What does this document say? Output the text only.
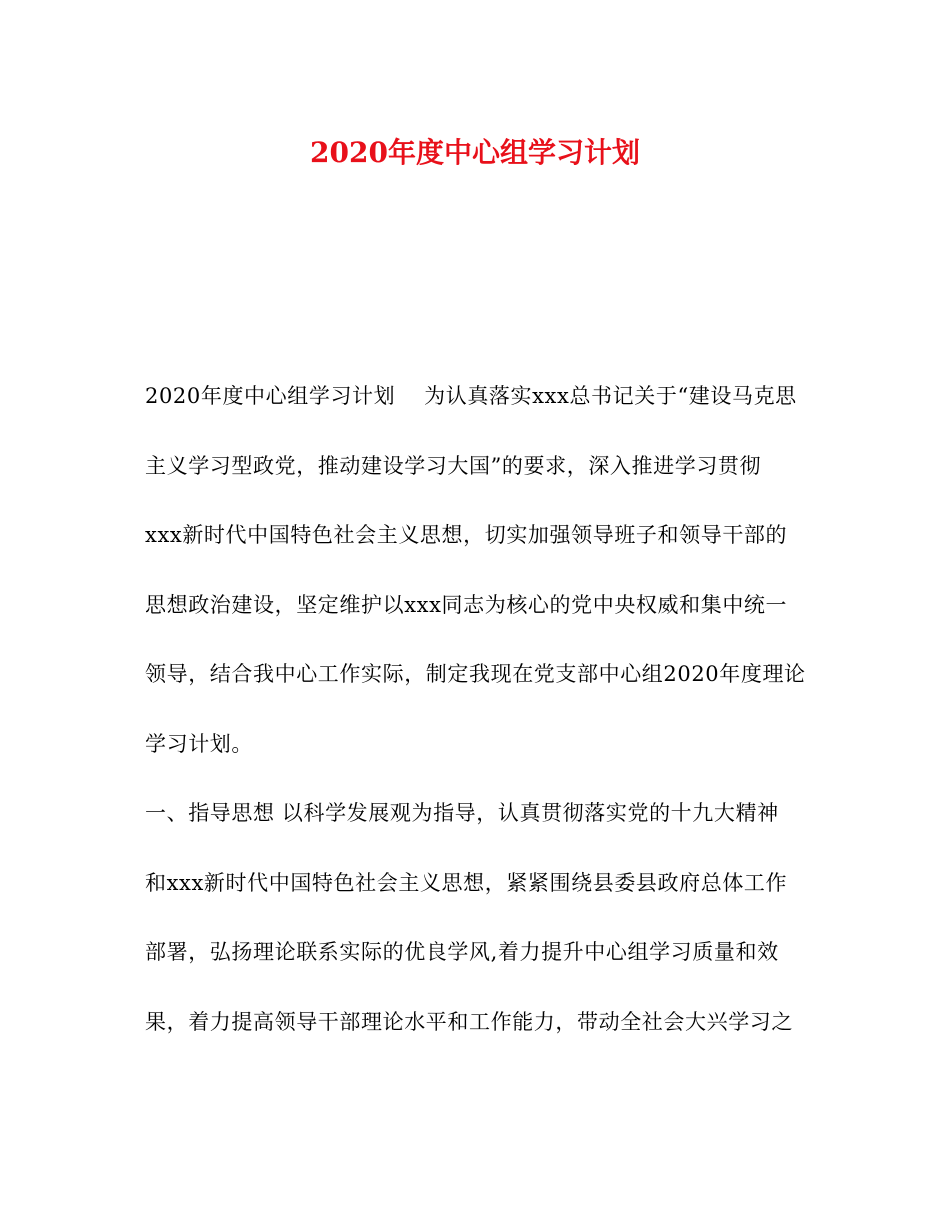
2020年度中心组学习计划
2020年度中心组学习计划　 为认真落实xxx总书记关于“建设马克思
主义学习型政党，推动建设学习大国”的要求，深入推进学习贯彻
xxx新时代中国特色社会主义思想，切实加强领导班子和领导干部的
思想政治建设，坚定维护以xxx同志为核心的党中央权威和集中统一
领导，结合我中心工作实际，制定我现在党支部中心组2020年度理论
学习计划。
一、指导思想 以科学发展观为指导，认真贯彻落实党的十九大精神
和xxx新时代中国特色社会主义思想，紧紧围绕县委县政府总体工作
部署，弘扬理论联系实际的优良学风,着力提升中心组学习质量和效
果，着力提高领导干部理论水平和工作能力，带动全社会大兴学习之
